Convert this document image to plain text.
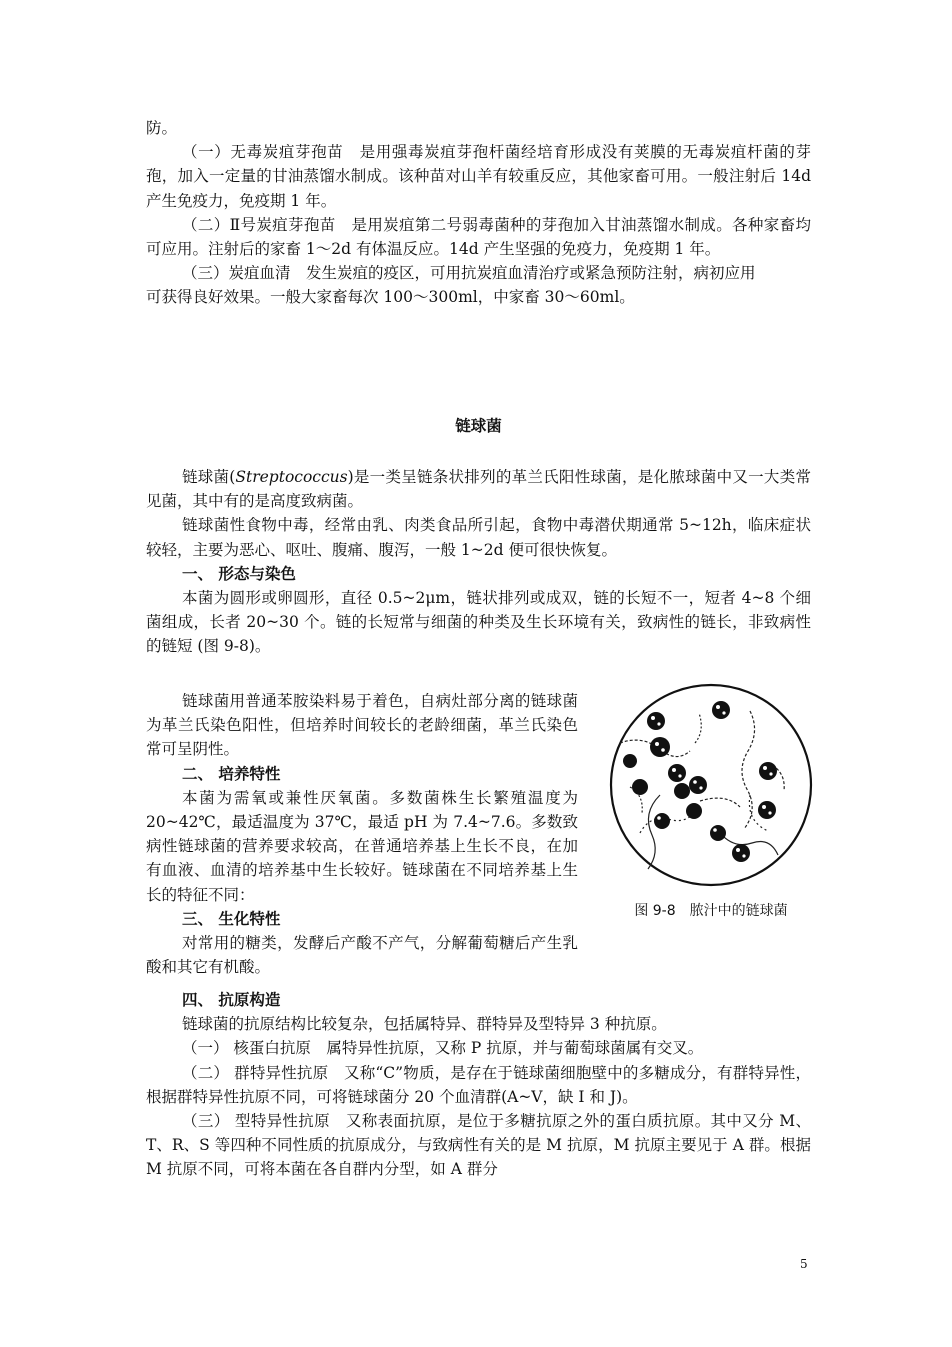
防。

（一）无毒炭疽芽孢苗　是用强毒炭疽芽孢杆菌经培育形成没有荚膜的无毒炭疽杆菌的芽孢，加入一定量的甘油蒸馏水制成。该种苗对山羊有较重反应，其他家畜可用。一般注射后 14d 产生免疫力，免疫期 1 年。

（二）Ⅱ号炭疽芽孢苗　是用炭疽第二号弱毒菌种的芽孢加入甘油蒸馏水制成。各种家畜均可应用。注射后的家畜 1～2d 有体温反应。14d 产生坚强的免疫力，免疫期 1 年。

（三）炭疽血清　发生炭疽的疫区，可用抗炭疽血清治疗或紧急预防注射，病初应用

可获得良好效果。一般大家畜每次 100～300ml，中家畜 30～60ml。

链球菌

链球菌(Streptococcus)是一类呈链条状排列的革兰氏阳性球菌，是化脓球菌中又一大类常见菌，其中有的是高度致病菌。

链球菌性食物中毒，经常由乳、肉类食品所引起，食物中毒潜伏期通常 5~12h，临床症状较轻，主要为恶心、呕吐、腹痛、腹泻，一般 1~2d 便可很快恢复。

一、 形态与染色

本菌为圆形或卵圆形，直径 0.5~2μm，链状排列或成双，链的长短不一，短者 4~8 个细菌组成，长者 20~30 个。链的长短常与细菌的种类及生长环境有关，致病性的链长，非致病性的链短 (图 9-8)。

链球菌用普通苯胺染料易于着色，自病灶部分离的链球菌为革兰氏染色阳性，但培养时间较长的老龄细菌，革兰氏染色常可呈阴性。

二、 培养特性

本菌为需氧或兼性厌氧菌。多数菌株生长繁殖温度为 20~42℃，最适温度为 37℃，最适 pH 为 7.4~7.6。多数致病性链球菌的营养要求较高，在普通培养基上生长不良，在加有血液、血清的培养基中生长较好。链球菌在不同培养基上生长的特征不同：

三、 生化特性

对常用的糖类，发酵后产酸不产气，分解葡萄糖后产生乳酸和其它有机酸。

四、 抗原构造

链球菌的抗原结构比较复杂，包括属特异、群特异及型特异 3 种抗原。

（一） 核蛋白抗原　属特异性抗原，又称 P 抗原，并与葡萄球菌属有交叉。

（二） 群特异性抗原　又称“C”物质，是存在于链球菌细胞壁中的多糖成分，有群特异性，根据群特异性抗原不同，可将链球菌分 20 个血清群(A~V，缺 I 和 J)。

（三） 型特异性抗原　又称表面抗原，是位于多糖抗原之外的蛋白质抗原。其中又分 M、T、R、S 等四种不同性质的抗原成分，与致病性有关的是 M 抗原，M 抗原主要见于 A 群。根据 M 抗原不同，可将本菌在各自群内分型，如 A 群分

图 9-8　脓汁中的链球菌
5
